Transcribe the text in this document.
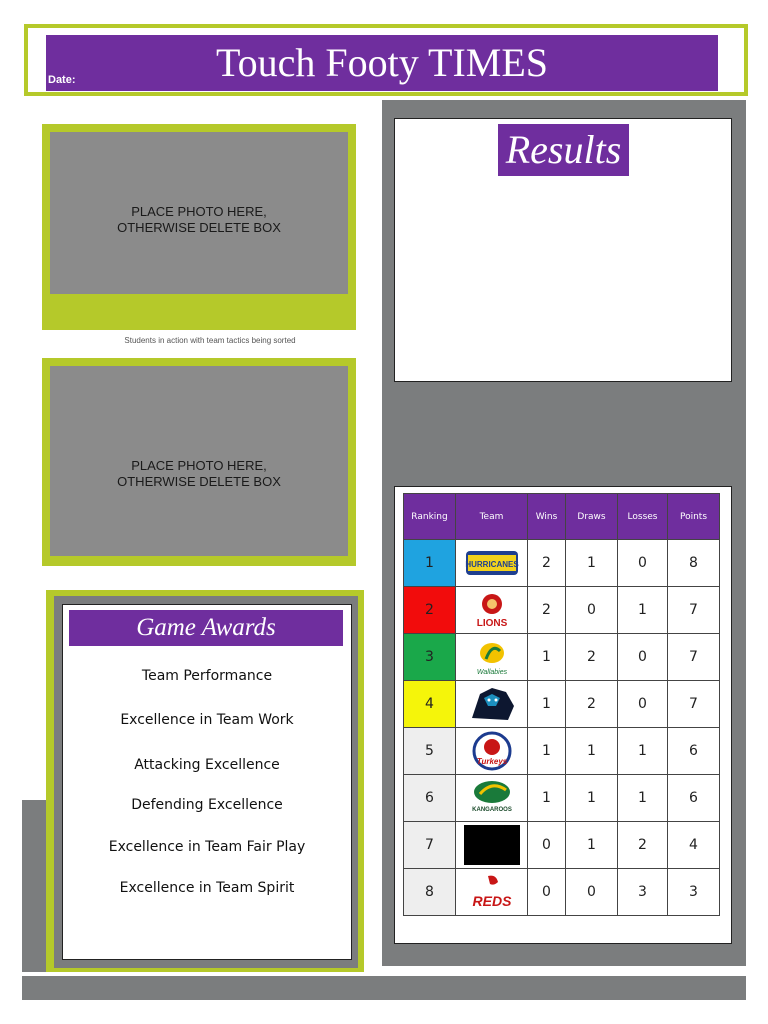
Touch Footy TIMES
Date:
PLACE PHOTO HERE,
OTHERWISE DELETE BOX
Students in action with team tactics being sorted
PLACE PHOTO HERE,
OTHERWISE DELETE BOX
Game Awards
Team Performance
Excellence in Team Work
Attacking Excellence
Defending Excellence
Excellence in Team Fair Play
Excellence in Team Spirit
Results
Ranking	Team	Wins	Draws	Losses	Points
1	HURRICANES	2	1	0	8
2	LIONS	2	0	1	7
3	Wallabies	1	2	0	7
4		1	2	0	7
5	Turkeys	1	1	1	6
6	KANGAROOS	1	1	1	6
7		0	1	2	4
8	REDS	0	0	3	3
